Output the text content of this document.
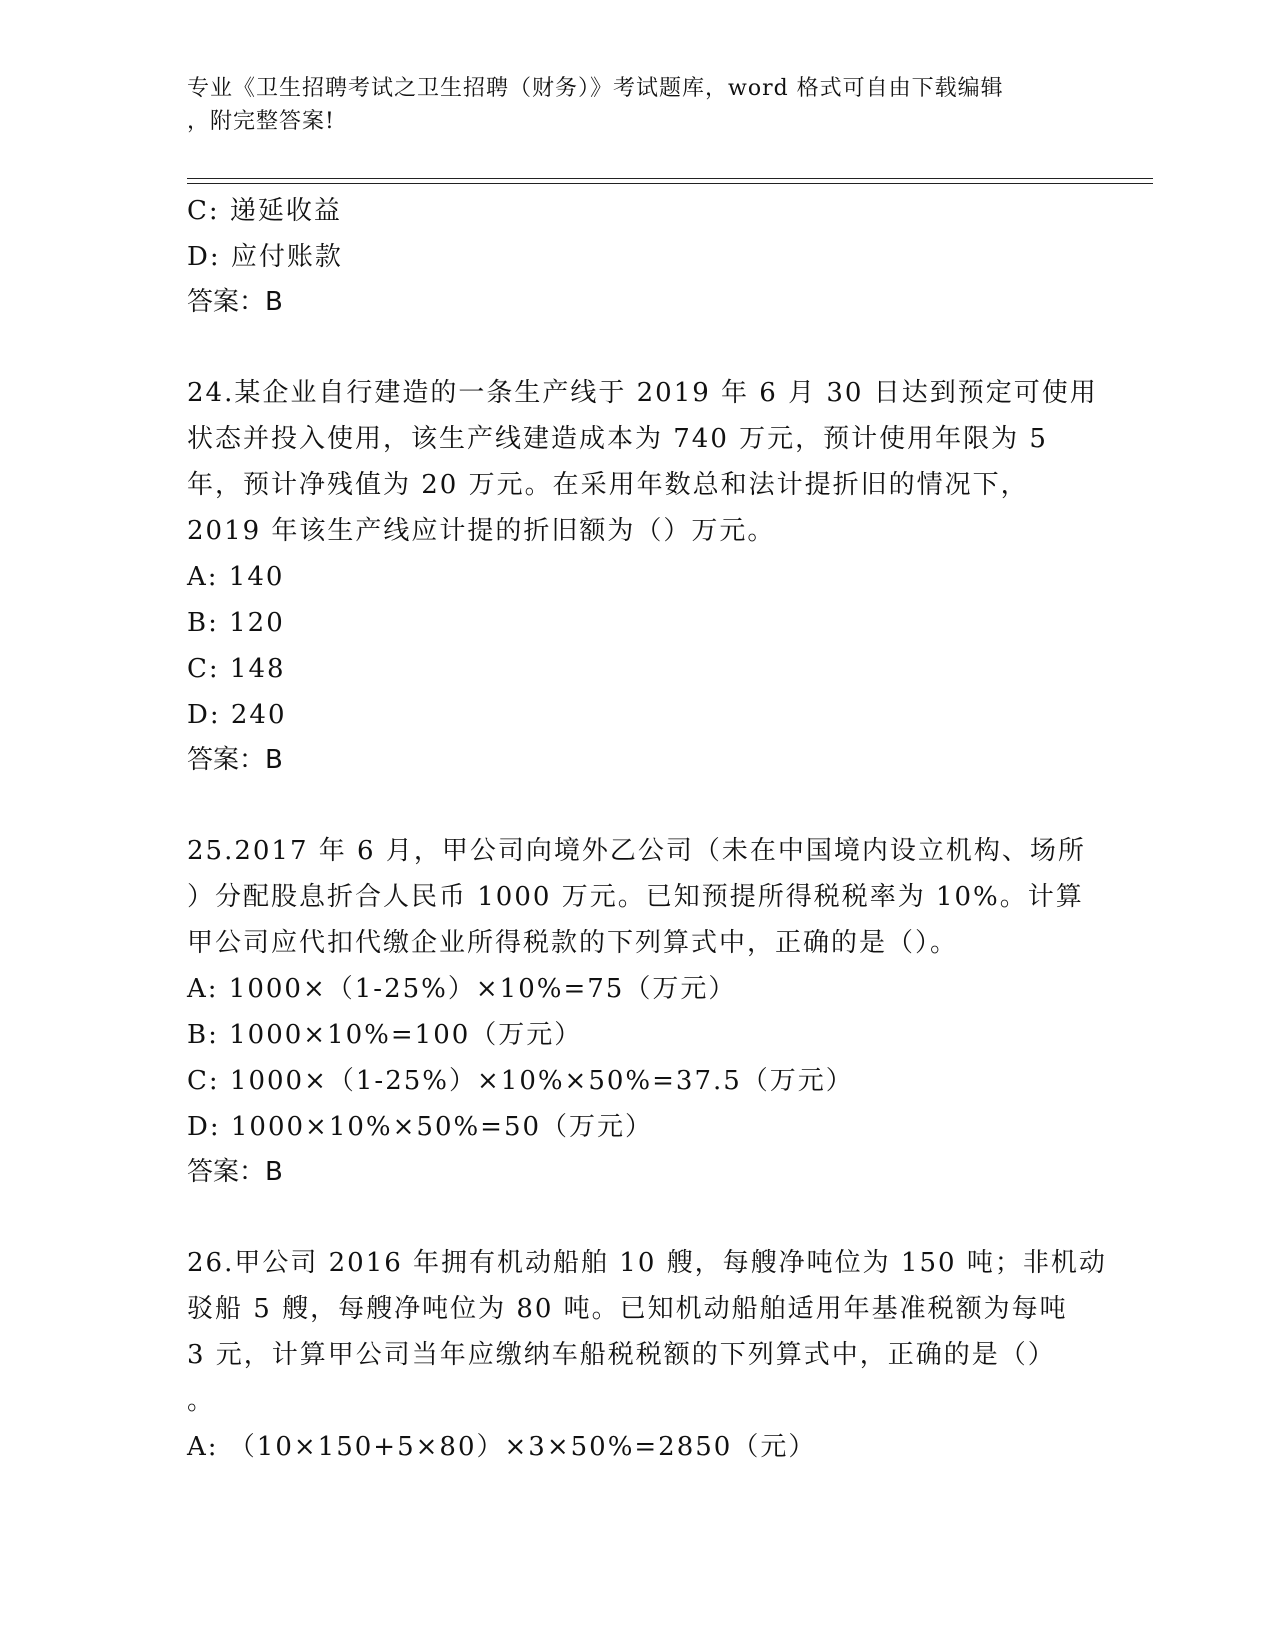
专业《卫生招聘考试之卫生招聘（财务）》考试题库，word 格式可自由下载编辑
，附完整答案!
C: 递延收益
D: 应付账款
答案：B
24.某企业自行建造的一条生产线于 2019 年 6 月 30 日达到预定可使用
状态并投入使用，该生产线建造成本为 740 万元，预计使用年限为 5
年，预计净残值为 20 万元。在采用年数总和法计提折旧的情况下，
2019 年该生产线应计提的折旧额为（）万元。
A: 140
B: 120
C: 148
D: 240
答案：B
25.2017 年 6 月，甲公司向境外乙公司（未在中国境内设立机构、场所
）分配股息折合人民币 1000 万元。已知预提所得税税率为 10%。计算
甲公司应代扣代缴企业所得税款的下列算式中，正确的是（）。
A: 1000×（1-25%）×10%=75（万元）
B: 1000×10%=100（万元）
C: 1000×（1-25%）×10%×50%=37.5（万元）
D: 1000×10%×50%=50（万元）
答案：B
26.甲公司 2016 年拥有机动船舶 10 艘，每艘净吨位为 150 吨；非机动
驳船 5 艘，每艘净吨位为 80 吨。已知机动船舶适用年基准税额为每吨
3 元，计算甲公司当年应缴纳车船税税额的下列算式中，正确的是（）
。
A: （10×150+5×80）×3×50%=2850（元）
